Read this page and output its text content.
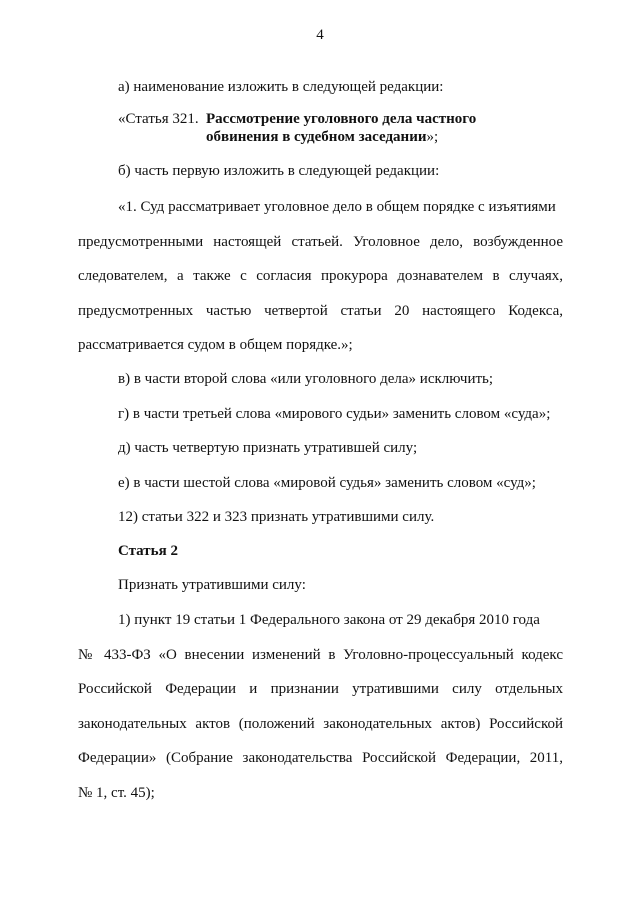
4
а) наименование изложить в следующей редакции:
«Статья 321. Рассмотрение уголовного дела частного
обвинения в судебном заседании»;
б) часть первую изложить в следующей редакции:
«1. Суд рассматривает уголовное дело в общем порядке с изъятиями
предусмотренными настоящей статьей. Уголовное дело, возбужденное
следователем, а также с согласия прокурора дознавателем в случаях,
предусмотренных частью четвертой статьи 20 настоящего Кодекса,
рассматривается судом в общем порядке.»;
в) в части второй слова «или уголовного дела» исключить;
г) в части третьей слова «мирового судьи» заменить словом «суда»;
д) часть четвертую признать утратившей силу;
е) в части шестой слова «мировой судья» заменить словом «суд»;
12) статьи 322 и 323 признать утратившими силу.
Статья 2
Признать утратившими силу:
1) пункт 19 статьи 1 Федерального закона от 29 декабря 2010 года
№ 433-ФЗ «О внесении изменений в Уголовно-процессуальный кодекс
Российской Федерации и признании утратившими силу отдельных
законодательных актов (положений законодательных актов) Российской
Федерации» (Собрание законодательства Российской Федерации, 2011,
№ 1, ст. 45);
